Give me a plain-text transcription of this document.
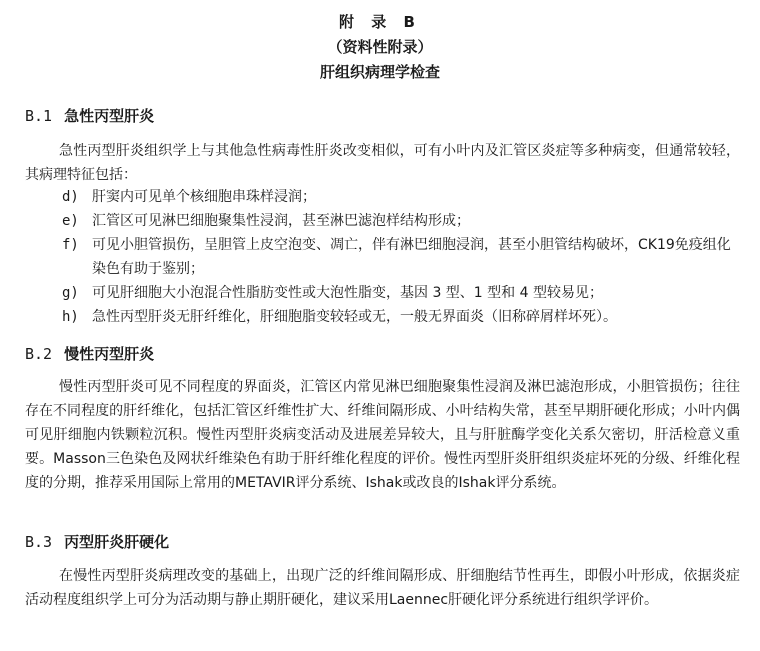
附 录 B
（资料性附录）
肝组织病理学检查
B.1 急性丙型肝炎
急性丙型肝炎组织学上与其他急性病毒性肝炎改变相似，可有小叶内及汇管区炎症等多种病变，但通常较轻，其病理特征包括：
d) 肝窦内可见单个核细胞串珠样浸润；
e) 汇管区可见淋巴细胞聚集性浸润，甚至淋巴滤泡样结构形成；
f) 可见小胆管损伤，呈胆管上皮空泡变、凋亡，伴有淋巴细胞浸润，甚至小胆管结构破坏，CK19免疫组化染色有助于鉴别；
g) 可见肝细胞大小泡混合性脂肪变性或大泡性脂变，基因 3 型、1 型和 4 型较易见；
h) 急性丙型肝炎无肝纤维化，肝细胞脂变较轻或无，一般无界面炎（旧称碎屑样坏死）。
B.2 慢性丙型肝炎
慢性丙型肝炎可见不同程度的界面炎，汇管区内常见淋巴细胞聚集性浸润及淋巴滤泡形成，小胆管损伤；往往存在不同程度的肝纤维化，包括汇管区纤维性扩大、纤维间隔形成、小叶结构失常，甚至早期肝硬化形成；小叶内偶可见肝细胞内铁颗粒沉积。慢性丙型肝炎病变活动及进展差异较大，且与肝脏酶学变化关系欠密切，肝活检意义重要。Masson三色染色及网状纤维染色有助于肝纤维化程度的评价。慢性丙型肝炎肝组织炎症坏死的分级、纤维化程度的分期，推荐采用国际上常用的METAVIR评分系统、Ishak或改良的Ishak评分系统。
B.3 丙型肝炎肝硬化
在慢性丙型肝炎病理改变的基础上，出现广泛的纤维间隔形成、肝细胞结节性再生，即假小叶形成，依据炎症活动程度组织学上可分为活动期与静止期肝硬化，建议采用Laennec肝硬化评分系统进行组织学评价。
